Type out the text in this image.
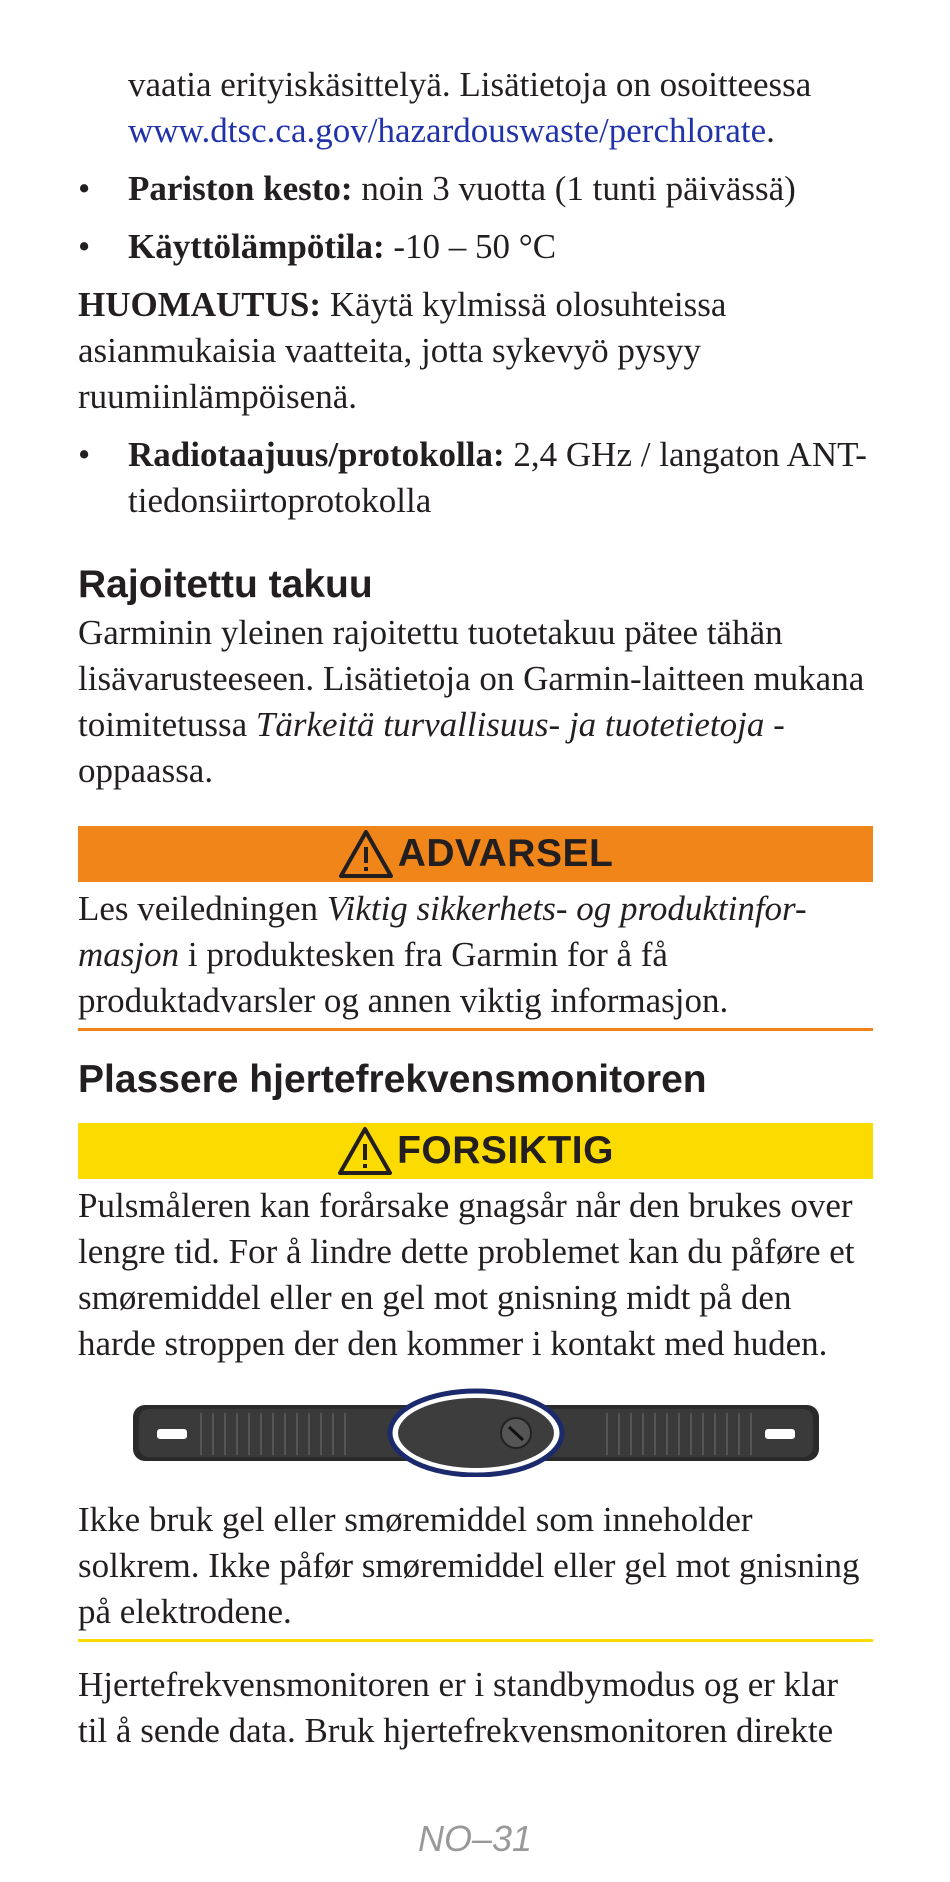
vaatia erityiskäsittelyä. Lisätietoja on osoitteessa
www.dtsc.ca.gov/hazardouswaste/perchlorate.

• Pariston kesto: noin 3 vuotta (1 tunti päivässä)

• Käyttölämpötila: -10 – 50 °C

HUOMAUTUS: Käytä kylmissä olosuhteissa asianmukaisia vaatteita, jotta sykevyö pysyy ruumiinlämpöisenä.

• Radiotaajuus/protokolla: 2,4 GHz / langaton ANT-tiedonsiirtoprotokolla

Rajoitettu takuu

Garminin yleinen rajoitettu tuotetakuu pätee tähän lisävarusteeseen. Lisätietoja on Garmin-laitteen mukana toimitetussa Tärkeitä turvallisuus- ja tuotetietoja -oppaassa.

ADVARSEL

Les veiledningen Viktig sikkerhets- og produktinfor-masjon i produktesken fra Garmin for å få produktadvarsler og annen viktig informasjon.

Plassere hjertefrekvensmonitoren
FORSIKTIG

Pulsmåleren kan forårsake gnagsår når den brukes over lengre tid. For å lindre dette problemet kan du påføre et smøremiddel eller en gel mot gnisning midt på den harde stroppen der den kommer i kontakt med huden.

Ikke bruk gel eller smøremiddel som inneholder solkrem. Ikke påfør smøremiddel eller gel mot gnisning på elektrodene.

Hjertefrekvensmonitoren er i standbymodus og er klar til å sende data. Bruk hjertefrekvensmonitoren direkte

NO–31
